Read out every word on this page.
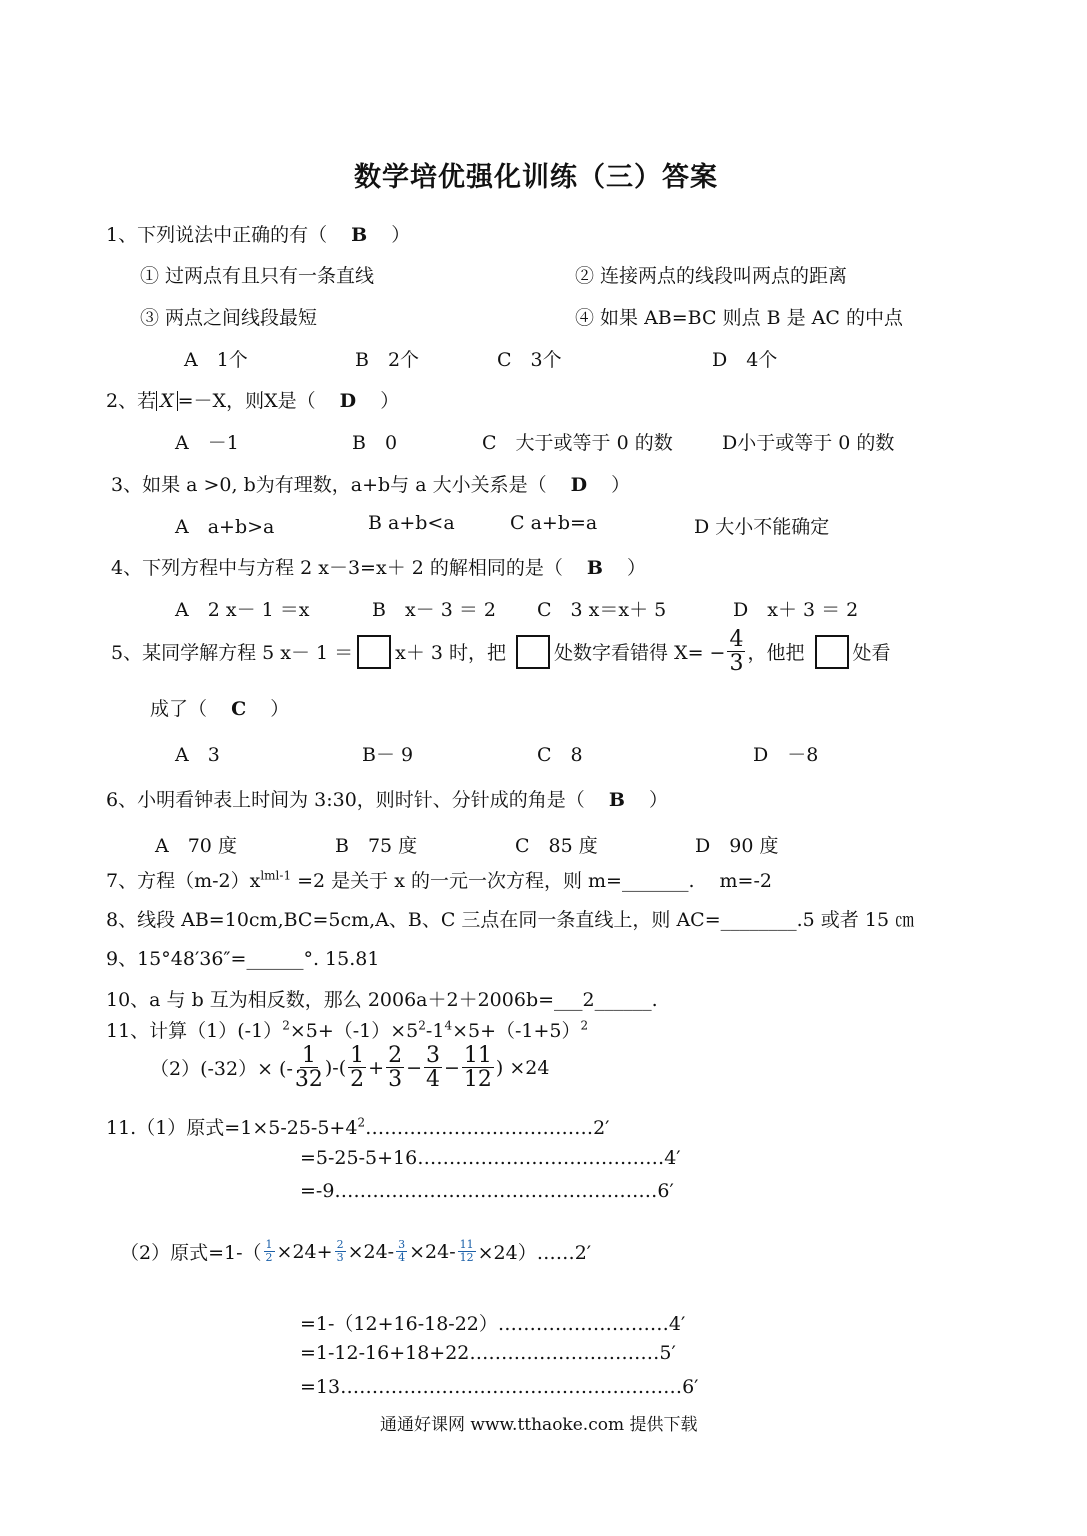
数学培优强化训练（三）答案
1、下列说法中正确的有（ B ）
① 过两点有且只有一条直线	② 连接两点的线段叫两点的距离
③ 两点之间线段最短	④ 如果 AB=BC 则点 B 是 AC 的中点
A　1个	B　2个	C　3个	D　4个
2、若 X =－X，则X是（ D ）
A　－1	B　0	C　大于或等于 0 的数	D小于或等于 0 的数
3、如果 a >0, b为有理数，a+b与 a 大小关系是（ D ）
A　a+b>a	B a+b<a	C a+b=a	D 大小不能确定
4、下列方程中与方程 2 x－3=x＋ 2 的解相同的是（ B ）
A　2 x－ 1 ＝x	B　x－ 3 ＝ 2 C　3 x＝x＋ 5	D　x＋ 3 ＝ 2
5、某同学解方程 5 x－ 1 ＝ x＋ 3 时，把	处数字看错得 $X= - \frac{4}{3}$ ，他把	处看
成了（ C ）
A　3	B－ 9	C　8	D　－8
6、小明看钟表上时间为 3:30，则时针、分针成的角是（ B ）
A　70 度	B　75 度	C　85 度	D　90 度
7、方程$(m-2)x^{lml-1} =2$ 是关于 x 的一元一次方程，则 m=_______.　 m=-2
8、线段 AB=10cm,BC=5cm,A、B、C 三点在同一条直线上，则 AC=________.5 或者 15 ㎝
9、15°48′36″=______°. 15.81
10、a 与 b 互为相反数，那么 2006a＋2＋2006b=___2______.
11、计算$(1)(-1)^2\times 5+(-1)\times 5^2-1^4\times 5+(-1+5)^2$
（2）(-32）× (- $\frac{1}{32}$ )-( $\frac{1}{2} + \frac{2}{3} - \frac{3}{4} - \frac{11}{12}$ ) ×24
11.（1）原式$=1\times 5-25-5+4^2\dots\dots\dots\dots\dots\dots\dots\dots\dots\dots\dots\dots 2'$
=5-25-5+16…………………………………4′
=-9……………………………………………6′
（2）原式$=1-( \frac{1}{2} \times 24+ \frac{2}{3} \times 24- \frac{3}{4} \times 24- \frac{11}{12}$ ×24）……2′
=1-（12+16-18-22）………………………4′
=1-12-16+18+22…………………………5′
=13………………………………………………6′
通通好课网 www.tthaoke.com 提供下载
